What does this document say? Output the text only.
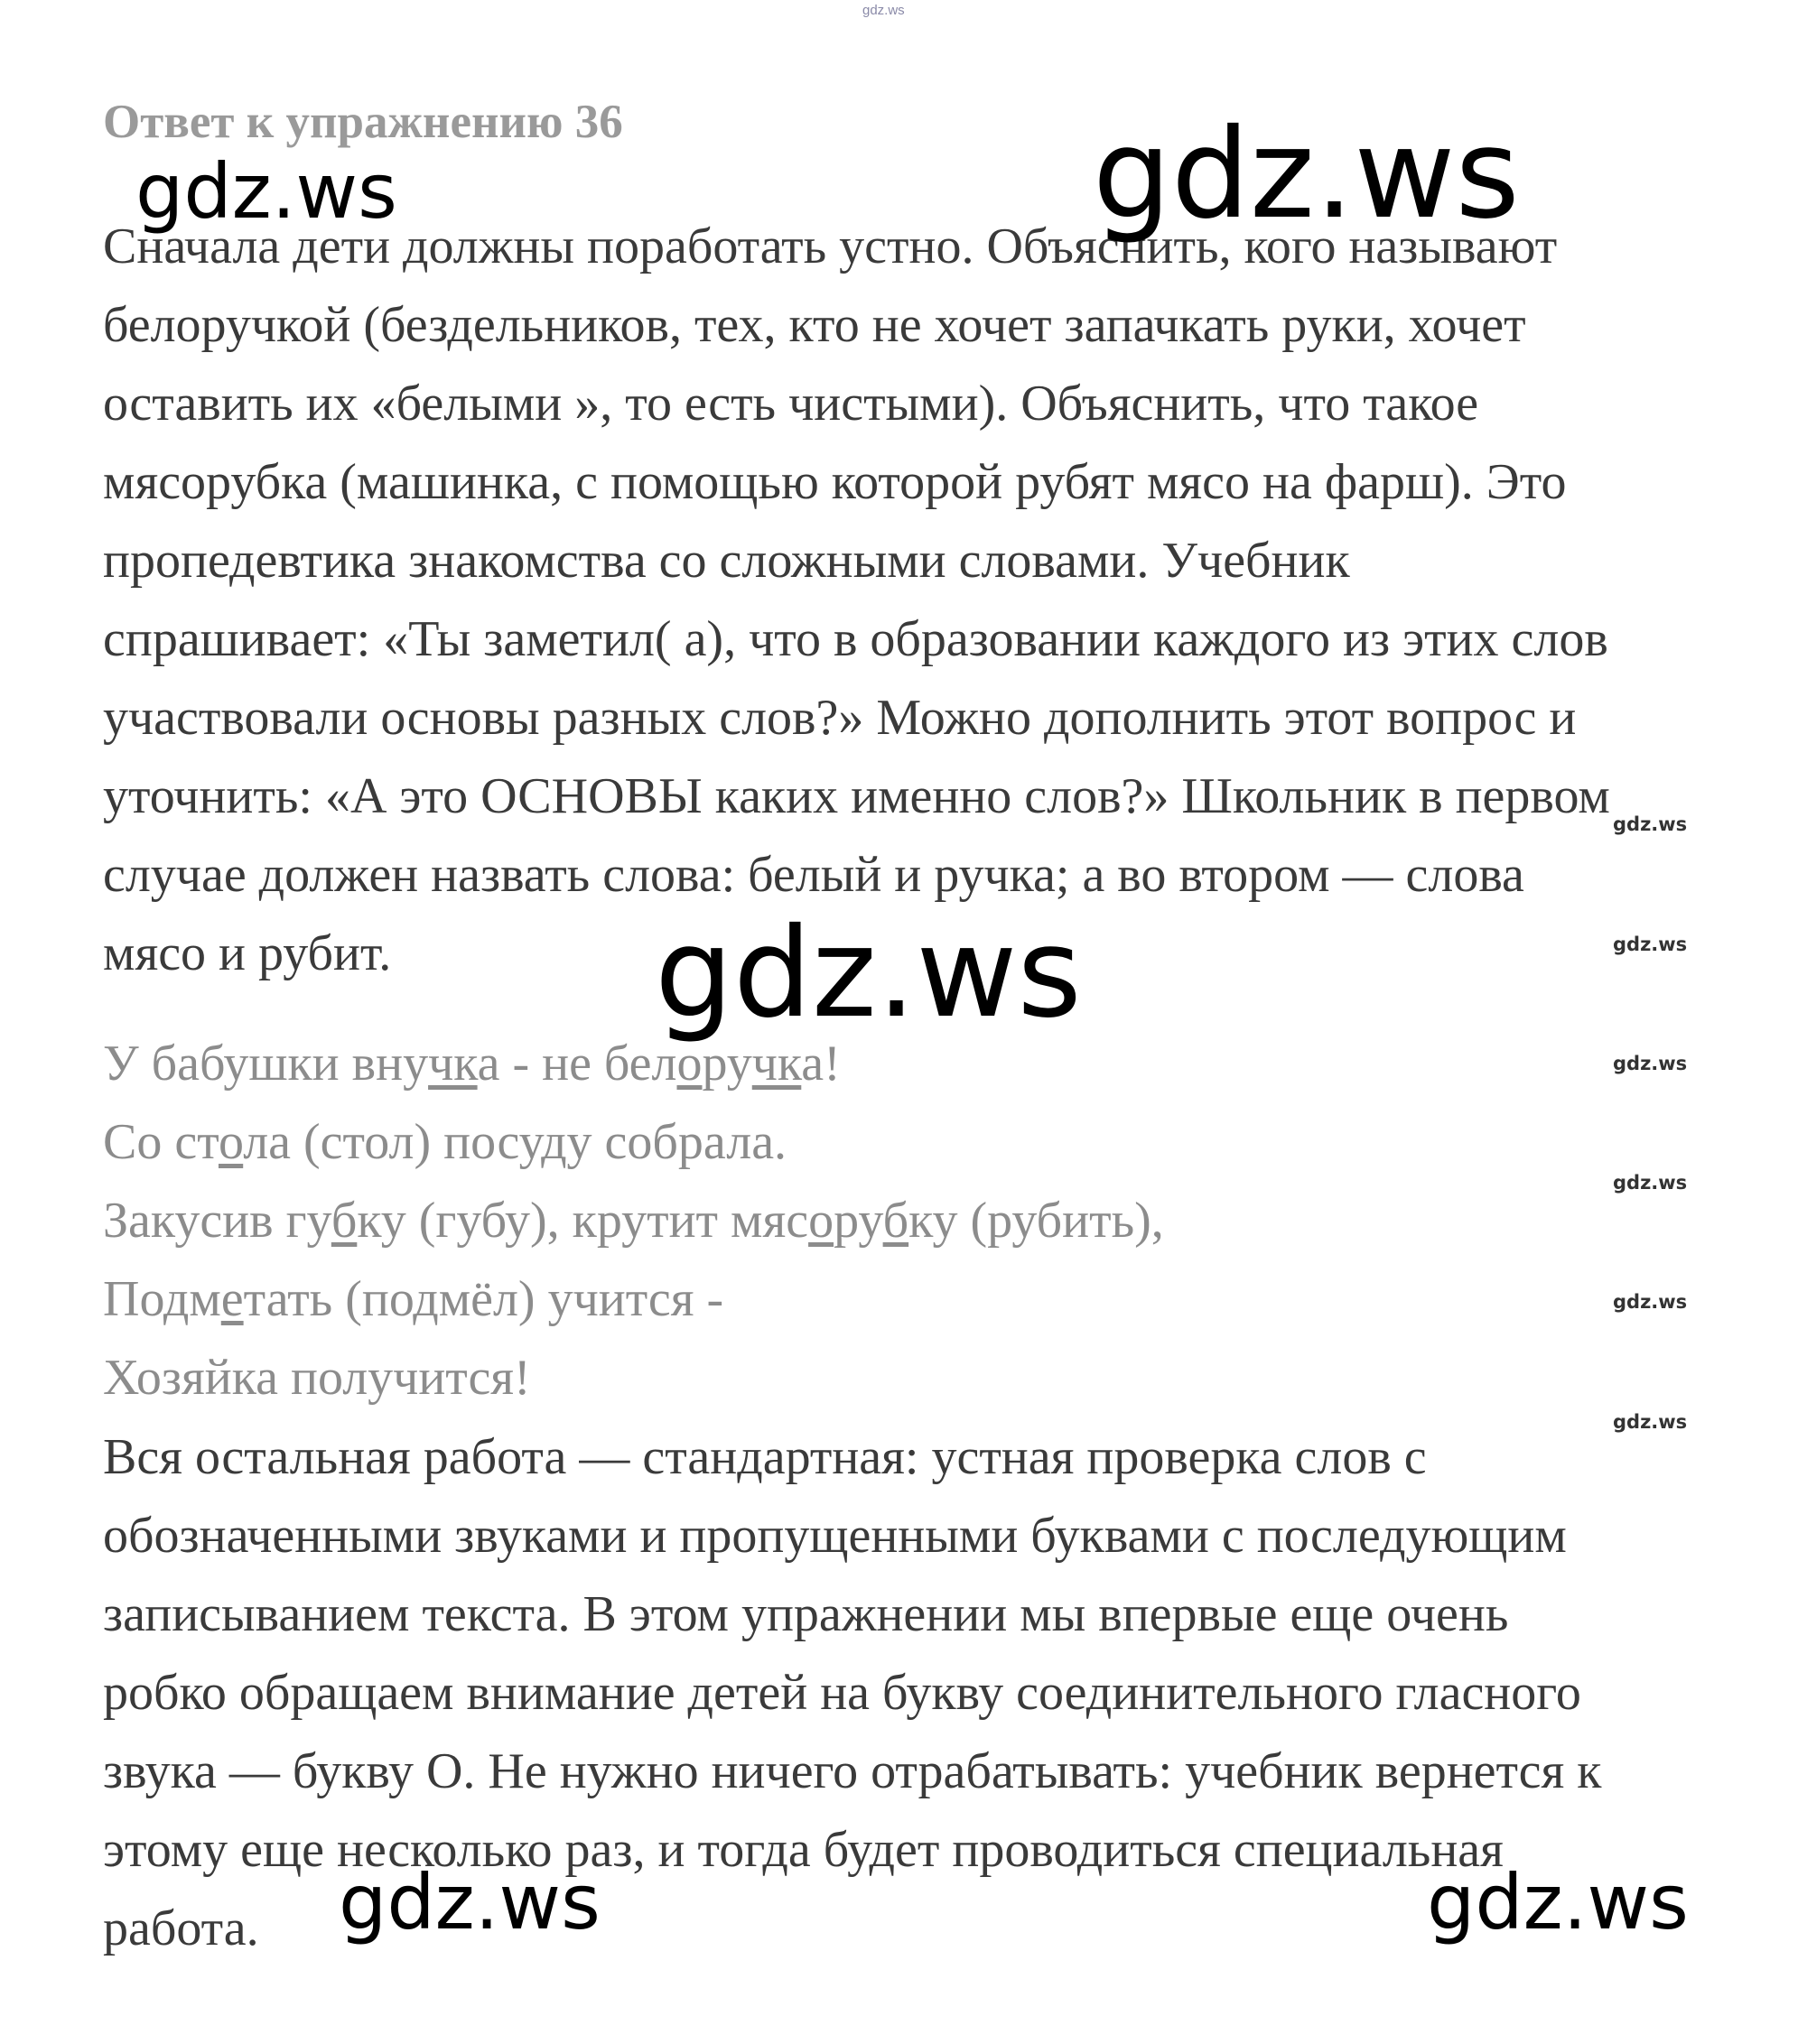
gdz.ws
Ответ к упражнению 36
Сначала дети должны поработать устно. Объяснить, кого называют
белоручкой (бездельников, тех, кто не хочет запачкать руки, хочет
оставить их «белыми », то есть чистыми). Объяснить, что такое
мясорубка (машинка, с помощью которой рубят мясо на фарш). Это
пропедевтика знакомства со сложными словами. Учебник
спрашивает: «Ты заметил( а), что в образовании каждого из этих слов
участвовали основы разных слов?» Можно дополнить этот вопрос и
уточнить: «А это ОСНОВЫ каких именно слов?» Школьник в первом
случае должен назвать слова: белый и ручка; а во втором — слова
мясо и рубит.
У бабушки внучка - не белоручка!
Со стола (стол) посуду собрала.
Закусив губку (губу), крутит мясорубку (рубить),
Подметать (подмёл) учится -
Хозяйка получится!
Вся остальная работа — стандартная: устная проверка слов с
обозначенными звуками и пропущенными буквами с последующим
записыванием текста. В этом упражнении мы впервые еще очень
робко обращаем внимание детей на букву соединительного гласного
звука — букву О. Не нужно ничего отрабатывать: учебник вернется к
этому еще несколько раз, и тогда будет проводиться специальная
работа.
gdz.ws	gdz.ws
gdz.ws
gdz.ws	gdz.ws
gdz.ws
gdz.ws
gdz.ws
gdz.ws
gdz.ws
gdz.ws
